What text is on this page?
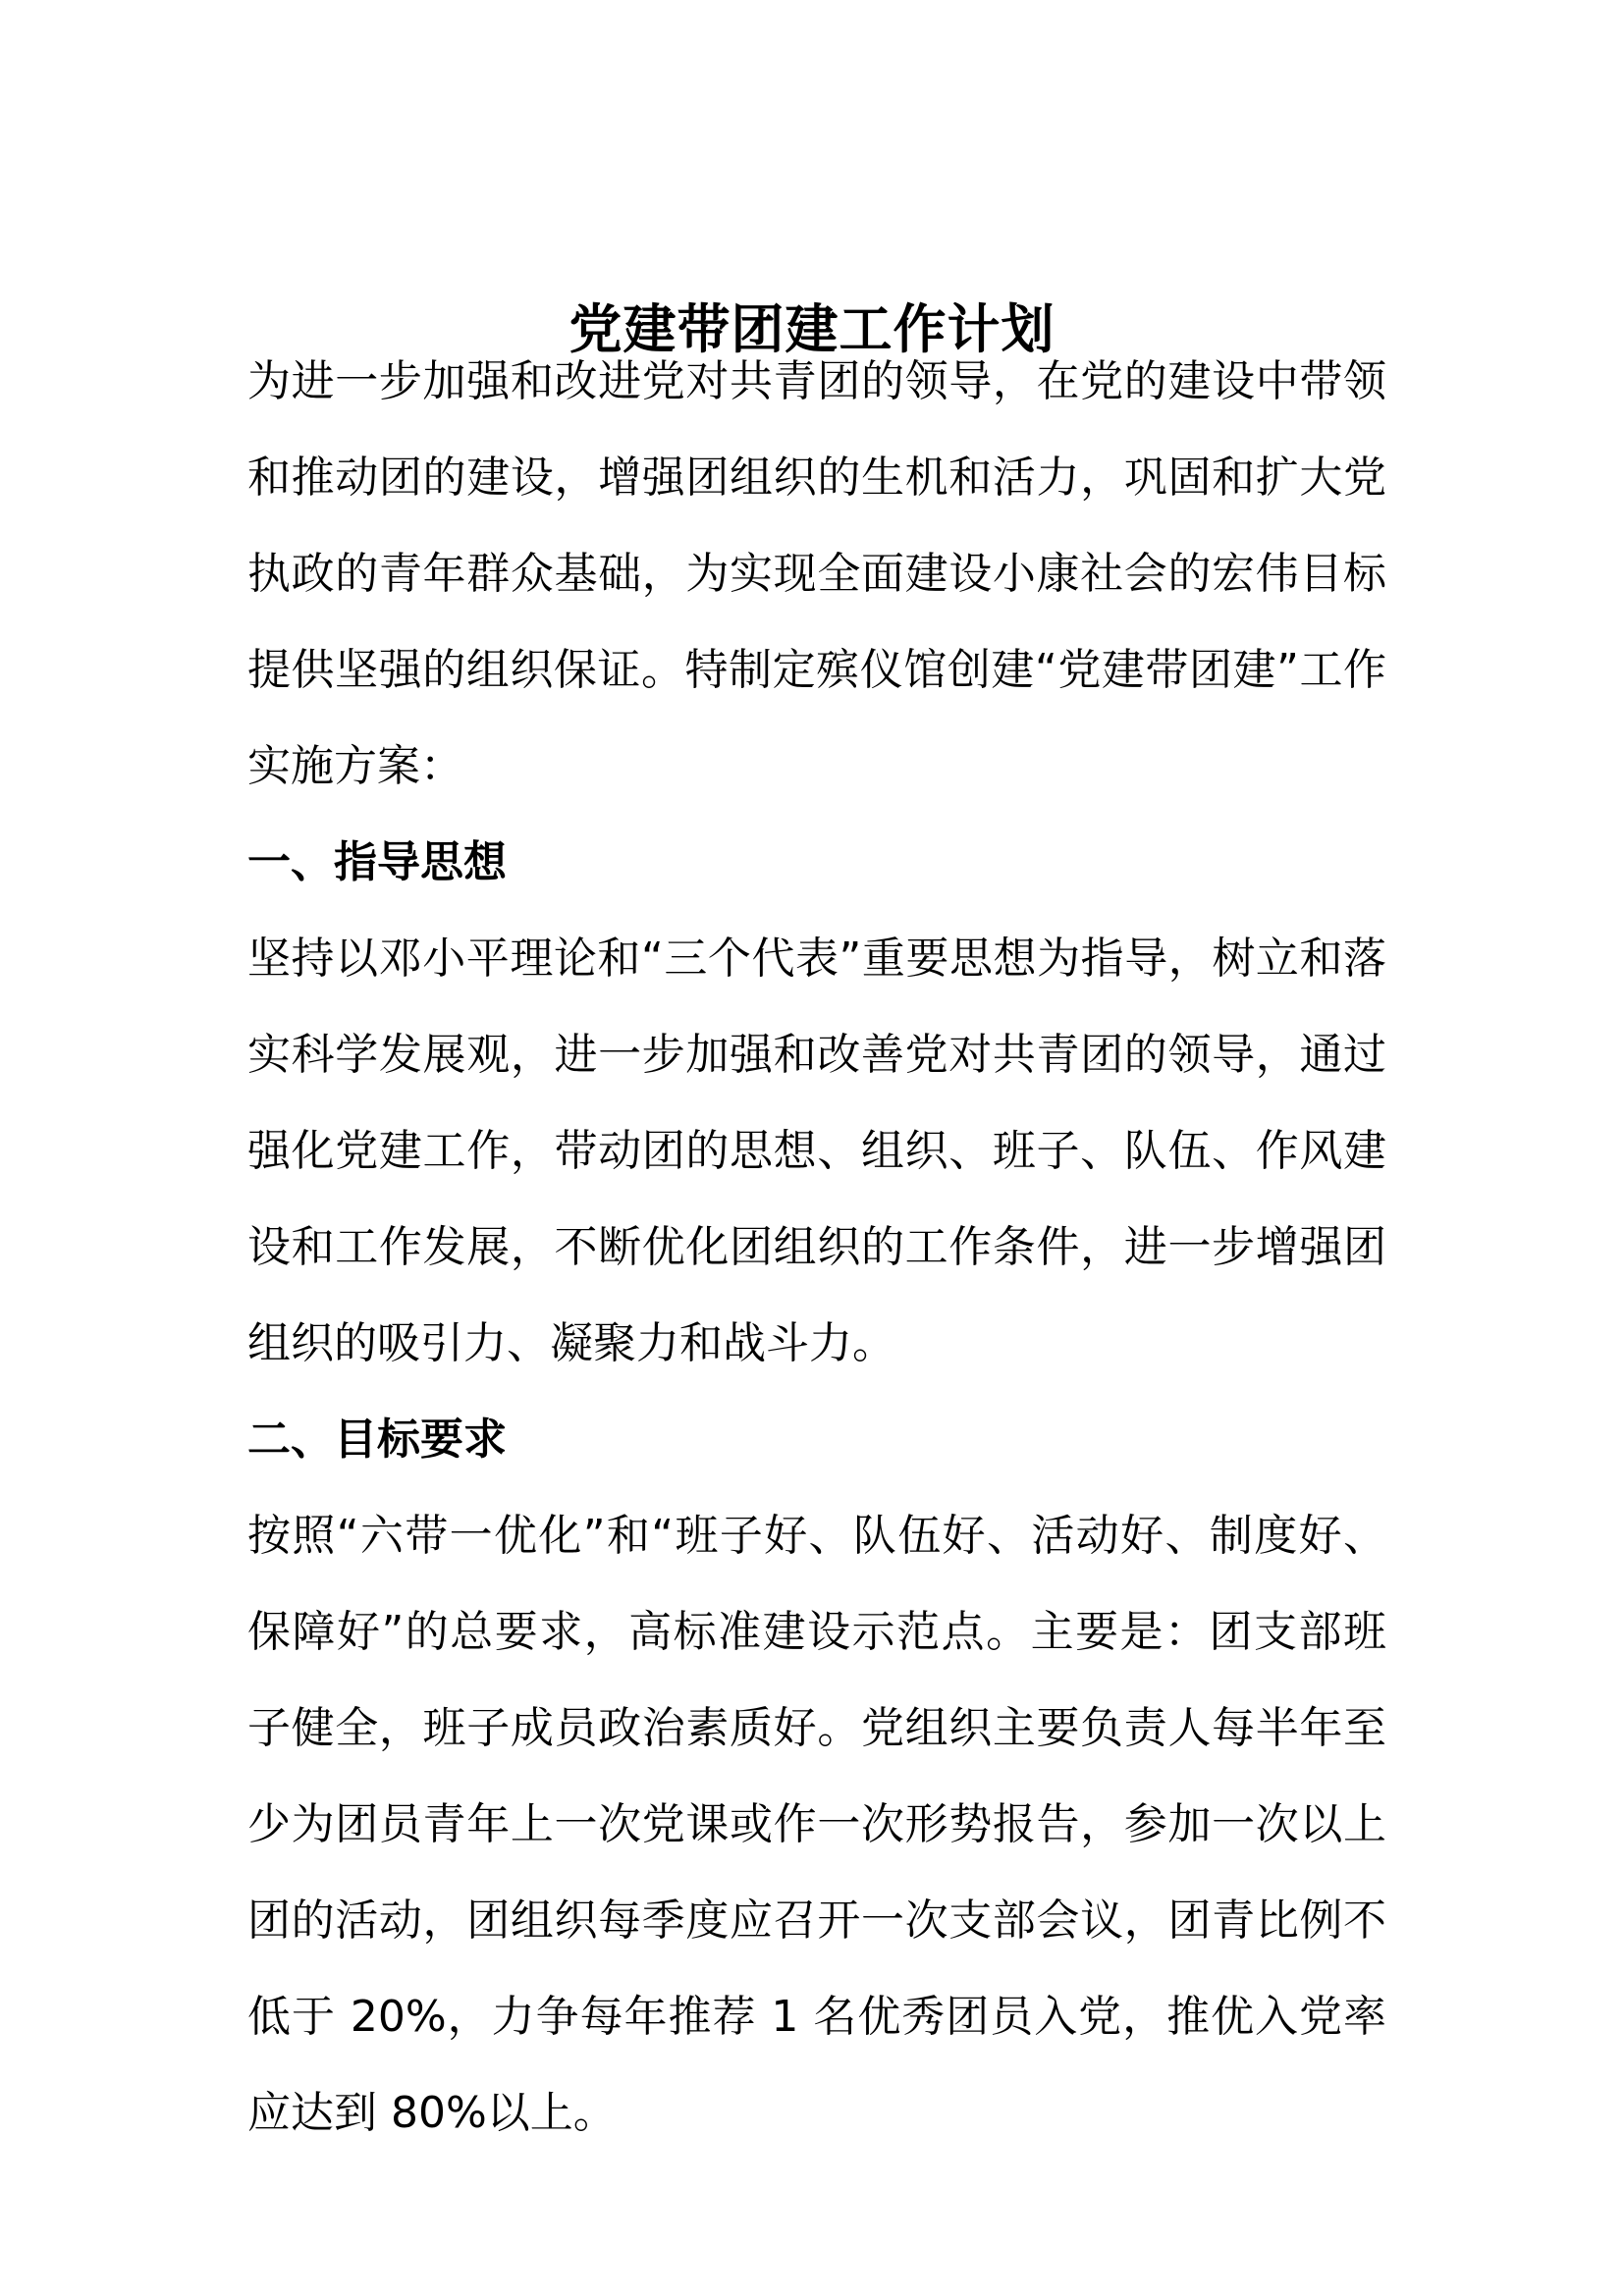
党建带团建工作计划

为进一步加强和改进党对共青团的领导，在党的建设中带领和推动团的建设，增强团组织的生机和活力，巩固和扩大党执政的青年群众基础，为实现全面建设小康社会的宏伟目标提供坚强的组织保证。特制定殡仪馆创建“党建带团建”工作实施方案：

一、指导思想

坚持以邓小平理论和“三个代表”重要思想为指导，树立和落实科学发展观，进一步加强和改善党对共青团的领导，通过强化党建工作，带动团的思想、组织、班子、队伍、作风建设和工作发展，不断优化团组织的工作条件，进一步增强团组织的吸引力、凝聚力和战斗力。

二、目标要求

按照“六带一优化”和“班子好、队伍好、活动好、制度好、保障好”的总要求，高标准建设示范点。主要是：团支部班子健全，班子成员政治素质好。党组织主要负责人每半年至少为团员青年上一次党课或作一次形势报告，参加一次以上团的活动，团组织每季度应召开一次支部会议，团青比例不低于 20%，力争每年推荐 1 名优秀团员入党，推优入党率应达到 80%以上。
